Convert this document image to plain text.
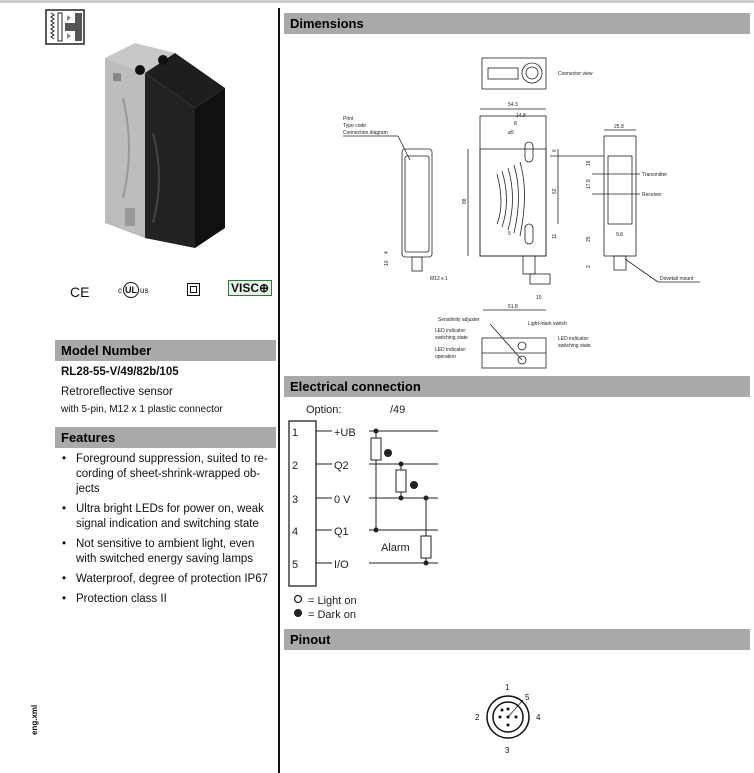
CE	c UL us	VISC⊕
Model Number
RL28-55-V/49/82b/105
Retroreflective sensor
with 5-pin, M12 x 1 plastic connector
Features
• Foreground suppression, suited to re-cording of sheet-shrink-wrapped ob-jects
• Ultra bright LEDs for power on, weak signal indication and switching state
• Not sensitive to ambient light, even with switched energy saving lamps
• Waterproof, degree of protection IP67
• Protection class II
eng.xml
Dimensions
Connector view
Print
Type code
Connection diagram
M12 x 1
10
4
54.3
14.8
8
ø5
6
88
62
11
5
10
51.8
25.8
16
17.8
25
9.8
2
Transmitter
Receiver
Dovetail mount
Sensitivity adjuster
Light-/dark switch
LED indicator:
switching state
LED indicator:
operation
LED indicator:
switching state
Electrical connection
Option:	/49
1
2
3
4
5
+UB
Q2
0 V
Q1
I/O
Alarm
= Light on
= Dark on
Pinout
1
2
3
4
5
